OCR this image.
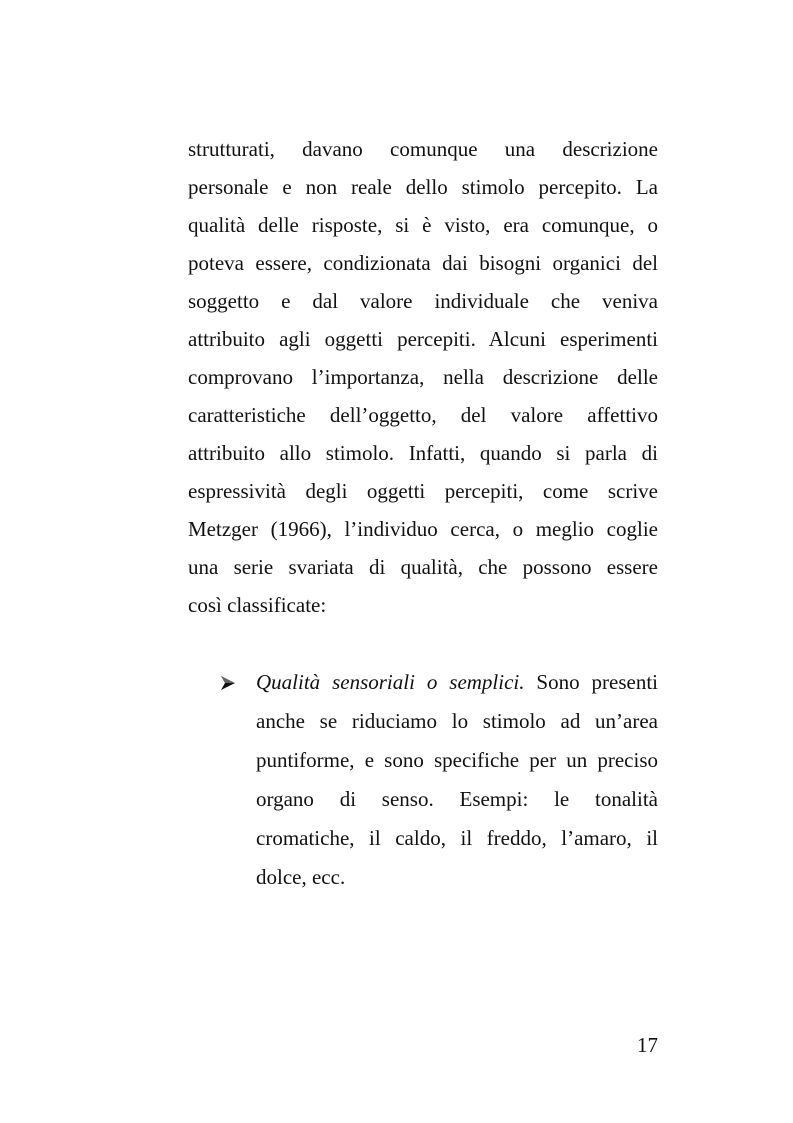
strutturati, davano comunque una descrizione
personale e non reale dello stimolo percepito. La
qualità delle risposte, si è visto, era comunque, o
poteva essere, condizionata dai bisogni organici del
soggetto e dal valore individuale che veniva
attribuito agli oggetti percepiti. Alcuni esperimenti
comprovano l’importanza, nella descrizione delle
caratteristiche dell’oggetto, del valore affettivo
attribuito allo stimolo. Infatti, quando si parla di
espressività degli oggetti percepiti, come scrive
Metzger (1966), l’individuo cerca, o meglio coglie
una serie svariata di qualità, che possono essere
così classificate:
Qualità sensoriali o semplici. Sono presenti
anche se riduciamo lo stimolo ad un’area
puntiforme, e sono specifiche per un preciso
organo di senso. Esempi: le tonalità
cromatiche, il caldo, il freddo, l’amaro, il
dolce, ecc.
17
